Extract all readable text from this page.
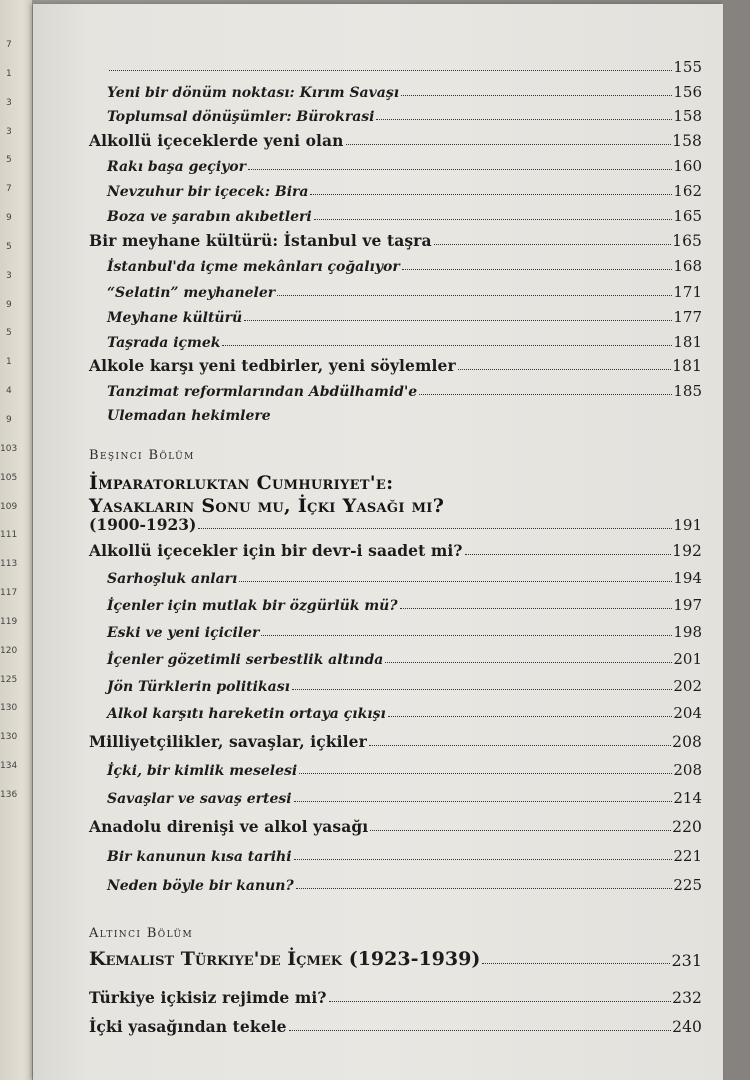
7
1
3
3
5
7
9
5
3
9
5
1
4
9
103
105
109
111
113
117
119
120
125
130
130
134
136
155
Yeni bir dönüm noktası: Kırım Savaşı	156
Toplumsal dönüşümler: Bürokrasi	158
Alkollü içeceklerde yeni olan	158
Rakı başa geçiyor	160
Nevzuhur bir içecek: Bira	162
Boza ve şarabın akıbetleri	165
Bir meyhane kültürü: İstanbul ve taşra	165
İstanbul'da içme mekânları çoğalıyor	168
“Selatin” meyhaneler	171
Meyhane kültürü	177
Taşrada içmek	181
Alkole karşı yeni tedbirler, yeni söylemler	181
Tanzimat reformlarından Abdülhamid'e	185
Ulemadan hekimlere
Beşinci Bölüm
İmparatorluktan Cumhuriyet'e:
Yasakların Sonu mu, İçki Yasağı mı?
(1900-1923)	191
Alkollü içecekler için bir devr-i saadet mi?	192
Sarhoşluk anları	194
İçenler için mutlak bir özgürlük mü?	197
Eski ve yeni içiciler	198
İçenler gözetimli serbestlik altında	201
Jön Türklerin politikası	202
Alkol karşıtı hareketin ortaya çıkışı	204
Milliyetçilikler, savaşlar, içkiler	208
İçki, bir kimlik meselesi	208
Savaşlar ve savaş ertesi	214
Anadolu direnişi ve alkol yasağı	220
Bir kanunun kısa tarihi	221
Neden böyle bir kanun?	225
Altıncı Bölüm
Kemalist Türkiye'de İçmek (1923-1939)	231
Türkiye içkisiz rejimde mi?	232
İçki yasağından tekele	240
